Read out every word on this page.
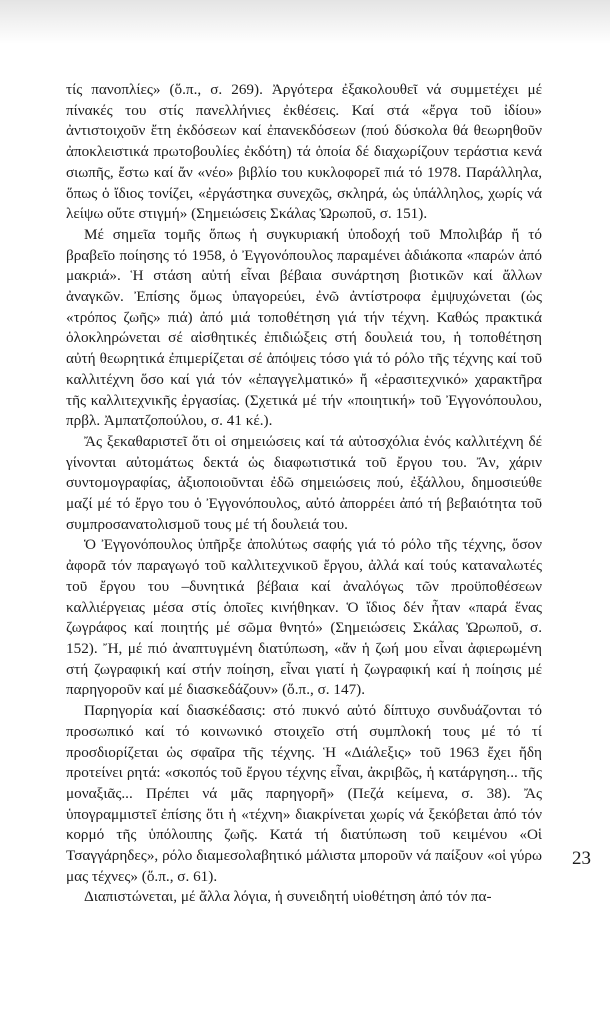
τίς πανοπλίες» (ὅ.π., σ. 269). Ἀργότερα ἐξακολουθεῖ νά συμμετέχει μέ πίνακές του στίς πανελλήνιες ἐκθέσεις. Καί στά «ἔργα τοῦ ἰδίου» ἀντιστοιχοῦν ἔτη ἐκδόσεων καί ἐπανεκδόσεων (πού δύσκολα θά θεωρηθοῦν ἀποκλειστικά πρωτοβουλίες ἐκδότη) τά ὁποία δέ διαχωρίζουν τεράστια κενά σιωπῆς, ἔστω καί ἄν «νέο» βιβλίο του κυκλοφορεῖ πιά τό 1978. Παράλληλα, ὅπως ὁ ἴδιος τονίζει, «ἐργάστηκα συνεχῶς, σκληρά, ὡς ὑπάλληλος, χωρίς νά λείψω οὔτε στιγμή» (Σημειώσεις Σκάλας Ὠρωποῦ, σ. 151).

Μέ σημεῖα τομῆς ὅπως ἡ συγκυριακή ὑποδοχή τοῦ Μπολιβάρ ἤ τό βραβεῖο ποίησης τό 1958, ὁ Ἐγγονόπουλος παραμένει ἀδιάκοπα «παρών ἀπό μακριά». Ἡ στάση αὐτή εἶναι βέβαια συνάρτηση βιοτικῶν καί ἄλλων ἀναγκῶν. Ἐπίσης ὅμως ὑπαγορεύει, ἐνῶ ἀντίστροφα ἐμψυχώνεται (ὡς «τρόπος ζωῆς» πιά) ἀπό μιά τοποθέτηση γιά τήν τέχνη. Καθώς πρακτικά ὁλοκληρώνεται σέ αἰσθητικές ἐπιδιώξεις στή δουλειά του, ἡ τοποθέτηση αὐτή θεωρητικά ἐπιμερίζεται σέ ἀπόψεις τόσο γιά τό ρόλο τῆς τέχνης καί τοῦ καλλιτέχνη ὅσο καί γιά τόν «ἐπαγγελματικό» ἤ «ἐρασιτεχνικό» χαρακτῆρα τῆς καλλιτεχνικῆς ἐργασίας. (Σχετικά μέ τήν «ποιητική» τοῦ Ἐγγονόπουλου, πρβλ. Ἀμπατζοπούλου, σ. 41 κέ.).

Ἄς ξεκαθαριστεῖ ὅτι οἱ σημειώσεις καί τά αὐτοσχόλια ἑνός καλλιτέχνη δέ γίνονται αὐτομάτως δεκτά ὡς διαφωτιστικά τοῦ ἔργου του. Ἄν, χάριν συντομογραφίας, ἀξιοποιοῦνται ἐδῶ σημειώσεις πού, ἐξάλλου, δημοσιεύθε μαζί μέ τό ἔργο του ὁ Ἐγγονόπουλος, αὐτό ἀπορρέει ἀπό τή βεβαιότητα τοῦ συμπροσανατολισμοῦ τους μέ τή δουλειά του.

Ὁ Ἐγγονόπουλος ὑπῆρξε ἀπολύτως σαφής γιά τό ρόλο τῆς τέχνης, ὅσον ἀφορᾶ τόν παραγωγό τοῦ καλλιτεχνικοῦ ἔργου, ἀλλά καί τούς καταναλωτές τοῦ ἔργου του –δυνητικά βέβαια καί ἀναλόγως τῶν προϋποθέσεων καλλιέργειας μέσα στίς ὁποῖες κινήθηκαν. Ὁ ἴδιος δέν ἦταν «παρά ἕνας ζωγράφος καί ποιητής μέ σῶμα θνητό» (Σημειώσεις Σκάλας Ὠρωποῦ, σ. 152). Ἤ, μέ πιό ἀναπτυγμένη διατύπωση, «ἄν ἡ ζωή μου εἶναι ἀφιερωμένη στή ζωγραφική καί στήν ποίηση, εἶναι γιατί ἡ ζωγραφική καί ἡ ποίησις μέ παρηγοροῦν καί μέ διασκεδάζουν» (ὅ.π., σ. 147).

Παρηγορία καί διασκέδασις: στό πυκνό αὐτό δίπτυχο συνδυάζονται τό προσωπικό καί τό κοινωνικό στοιχεῖο στή συμπλοκή τους μέ τό τί προσδιορίζεται ὡς σφαῖρα τῆς τέχνης. Ἡ «Διάλεξις» τοῦ 1963 ἔχει ἤδη προτείνει ρητά: «σκοπός τοῦ ἔργου τέχνης εἶναι, ἀκριβῶς, ἡ κατάργηση... τῆς μοναξιᾶς... Πρέπει νά μᾶς παρηγορῆ» (Πεζά κείμενα, σ. 38). Ἄς ὑπογραμμιστεῖ ἐπίσης ὅτι ἡ «τέχνη» διακρίνεται χωρίς νά ξεκόβεται ἀπό τόν κορμό τῆς ὑπόλοιπης ζωῆς. Κατά τή διατύπωση τοῦ κειμένου «Οἱ Τσαγγάρηδες», ρόλο διαμεσολαβητικό μάλιστα μποροῦν νά παίξουν «οἱ γύρω μας τέχνες» (ὅ.π., σ. 61).

Διαπιστώνεται, μέ ἄλλα λόγια, ἡ συνειδητή υἱοθέτηση ἀπό τόν πα-

23
